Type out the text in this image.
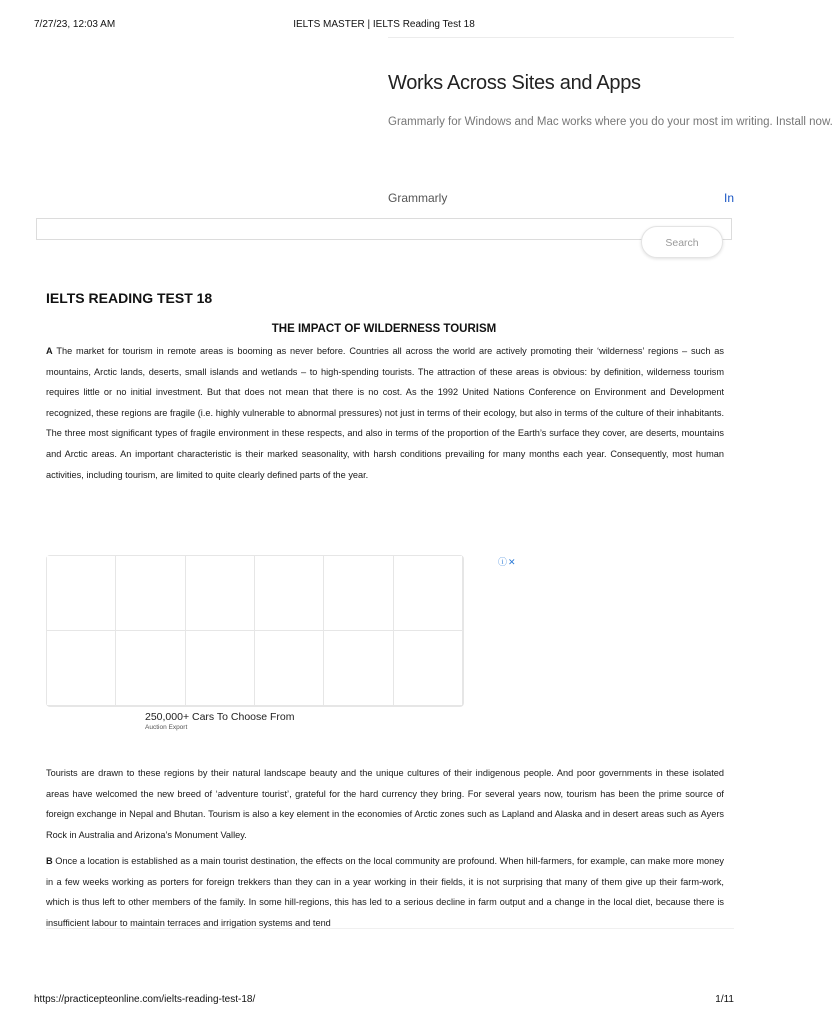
7/27/23, 12:03 AM	IELTS MASTER | IELTS Reading Test 18
Works Across Sites and Apps
Grammarly for Windows and Mac works where you do your most im writing. Install now.
Grammarly	In
Search
IELTS READING TEST 18
THE IMPACT OF WILDERNESS TOURISM

A The market for tourism in remote areas is booming as never before. Countries all across the world are actively promoting their ‘wilderness’ regions – such as mountains, Arctic lands, deserts, small islands and wetlands – to high-spending tourists. The attraction of these areas is obvious: by definition, wilderness tourism requires little or no initial investment. But that does not mean that there is no cost. As the 1992 United Nations Conference on Environment and Development recognized, these regions are fragile (i.e. highly vulnerable to abnormal pressures) not just in terms of their ecology, but also in terms of the culture of their inhabitants. The three most significant types of fragile environment in these respects, and also in terms of the proportion of the Earth’s surface they cover, are deserts, mountains and Arctic areas. An important characteristic is their marked seasonality, with harsh conditions prevailing for many months each year. Consequently, most human activities, including tourism, are limited to quite clearly defined parts of the year.

ⓘ✕
250,000+ Cars To Choose From
Auction Export

Tourists are drawn to these regions by their natural landscape beauty and the unique cultures of their indigenous people. And poor governments in these isolated areas have welcomed the new breed of ‘adventure tourist’, grateful for the hard currency they bring. For several years now, tourism has been the prime source of foreign exchange in Nepal and Bhutan. Tourism is also a key element in the economies of Arctic zones such as Lapland and Alaska and in desert areas such as Ayers Rock in Australia and Arizona’s Monument Valley.

B Once a location is established as a main tourist destination, the effects on the local community are profound. When hill-farmers, for example, can make more money in a few weeks working as porters for foreign trekkers than they can in a year working in their fields, it is not surprising that many of them give up their farm-work, which is thus left to other members of the family. In some hill-regions, this has led to a serious decline in farm output and a change in the local diet, because there is insufficient labour to maintain terraces and irrigation systems and tend

https://practicepteonline.com/ielts-reading-test-18/	1/11
